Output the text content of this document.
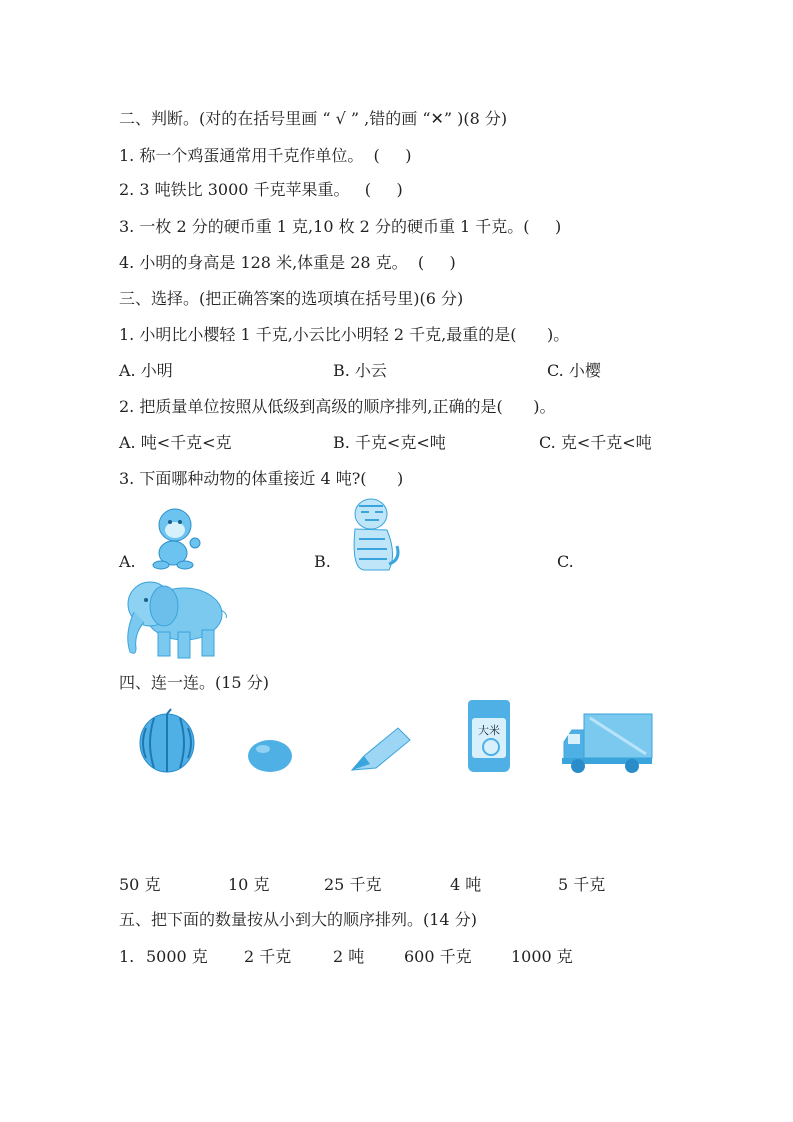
二、判断。(对的在括号里画 “ √ ” ,错的画 “✕” )(8 分)
1. 称一个鸡蛋通常用千克作单位。  (     )
2. 3 吨铁比 3000 千克苹果重。   (     )
3. 一枚 2 分的硬币重 1 克,10 枚 2 分的硬币重 1 千克。(     )
4. 小明的身高是 128 米,体重是 28 克。  (     )
三、选择。(把正确答案的选项填在括号里)(6 分)
1. 小明比小樱轻 1 千克,小云比小明轻 2 千克,最重的是(      )。
A. 小明	B. 小云	C. 小樱
2. 把质量单位按照从低级到高级的顺序排列,正确的是(      )。
A. 吨<千克<克	B. 千克<克<吨	C. 克<千克<吨
3. 下面哪种动物的体重接近 4 吨?(      )
A.	B.	C.
四、连一连。(15 分)
大米
50 克	10 克	25 千克	4 吨	5 千克
五、把下面的数量按从小到大的顺序排列。(14 分)
1. 5000 克 2 千克	2 吨 600 千克 1000 克
